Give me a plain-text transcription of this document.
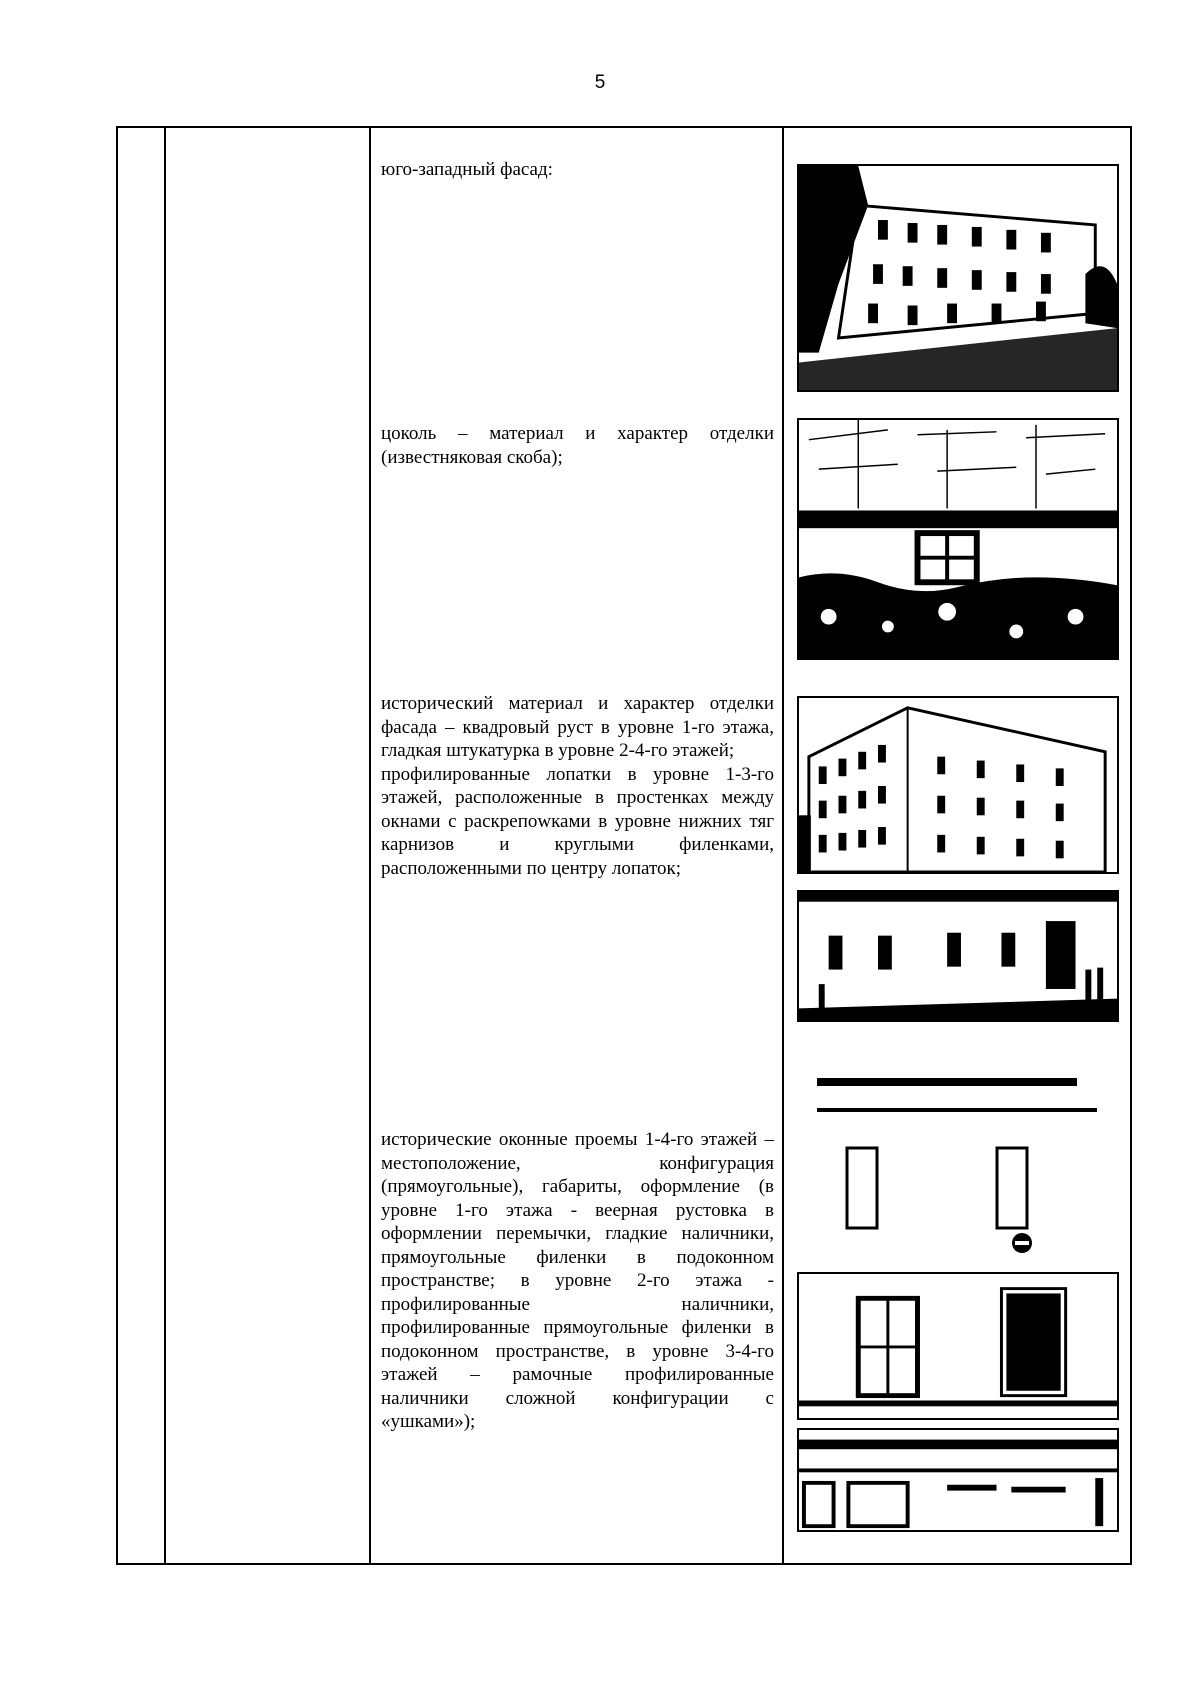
5

юго-западный фасад:

цоколь – материал и характер отделки (известняковая скоба);

исторический материал и характер отделки фасада – квадровый руст в уровне 1-го этажа, гладкая штукатурка в уровне 2-4-го этажей;

профилированные лопатки в уровне 1-3-го этажей, расположенные в простенках между окнами с раскрепowками в уровне нижних тяг карнизов и круглыми филенками, расположенными по центру лопаток;

исторические оконные проемы 1-4-го этажей – местоположение, конфигурация (прямоугольные), габариты, оформление (в уровне 1-го этажа - веерная рустовка в оформлении перемычки, гладкие наличники, прямоугольные филенки в подоконном пространстве; в уровне 2-го этажа - профилированные наличники, профилированные прямоугольные филенки в подоконном пространстве, в уровне 3-4-го этажей – рамочные профилированные наличники сложной конфигурации с «ушками»);
